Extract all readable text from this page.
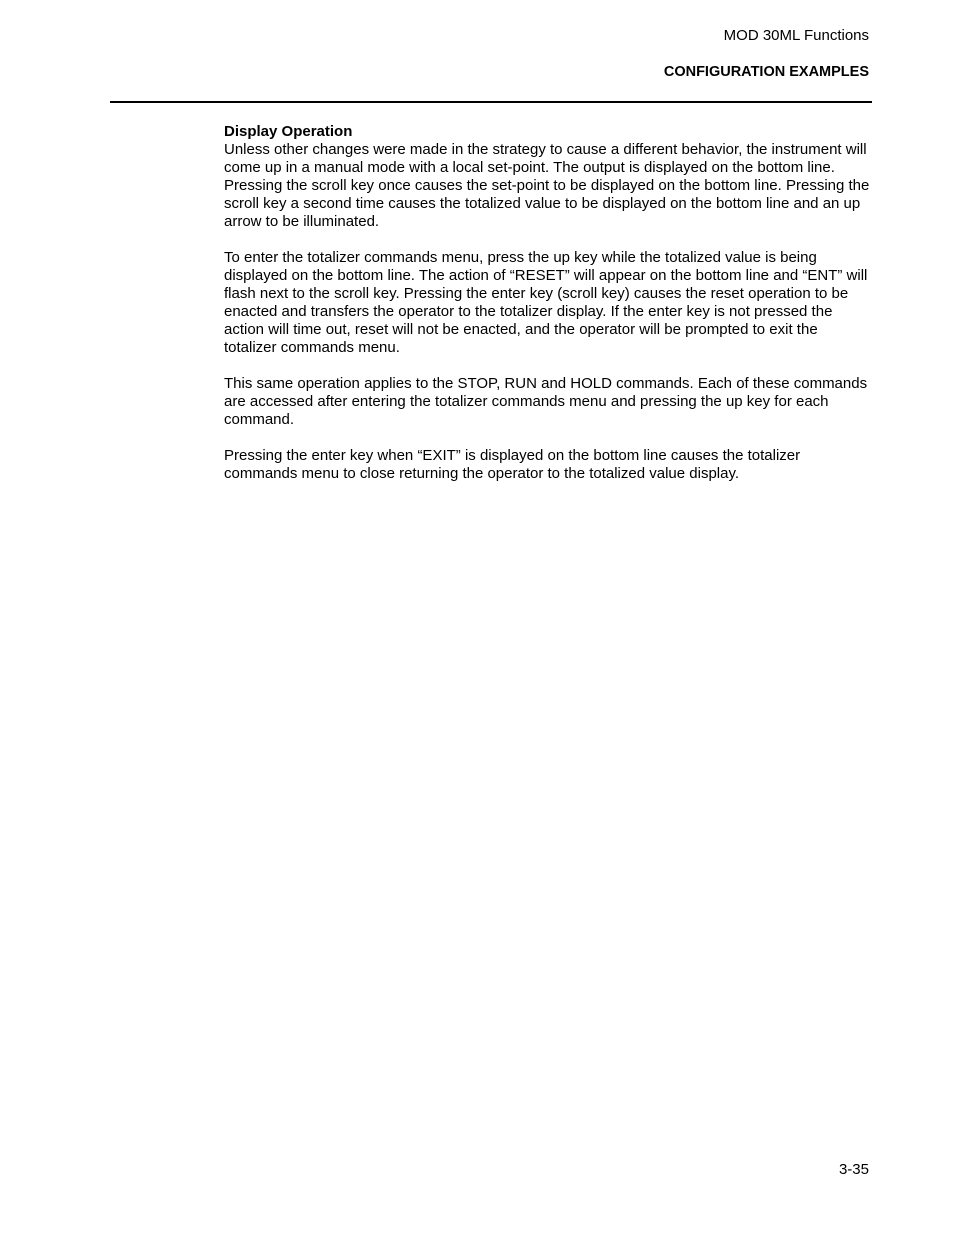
MOD 30ML Functions
CONFIGURATION EXAMPLES
Display Operation

Unless other changes were made in the strategy to cause a different behavior, the instrument will come up in a manual mode with a local set-point. The output is displayed on the bottom line. Pressing the scroll key once causes the set-point to be displayed on the bottom line. Pressing the scroll key a second time causes the totalized value to be displayed on the bottom line and an up arrow to be illuminated.

To enter the totalizer commands menu, press the up key while the totalized value is being displayed on the bottom line. The action of “RESET” will appear on the bottom line and “ENT” will flash next to the scroll key. Pressing the enter key (scroll key) causes the reset operation to be enacted and transfers the operator to the totalizer display. If the enter key is not pressed the action will time out, reset will not be enacted, and the operator will be prompted to exit the totalizer commands menu.

This same operation applies to the STOP, RUN and HOLD commands. Each of these commands are accessed after entering the totalizer commands menu and pressing the up key for each command.

Pressing the enter key when “EXIT” is displayed on the bottom line causes the totalizer commands menu to close returning the operator to the totalized value display.

3-35
